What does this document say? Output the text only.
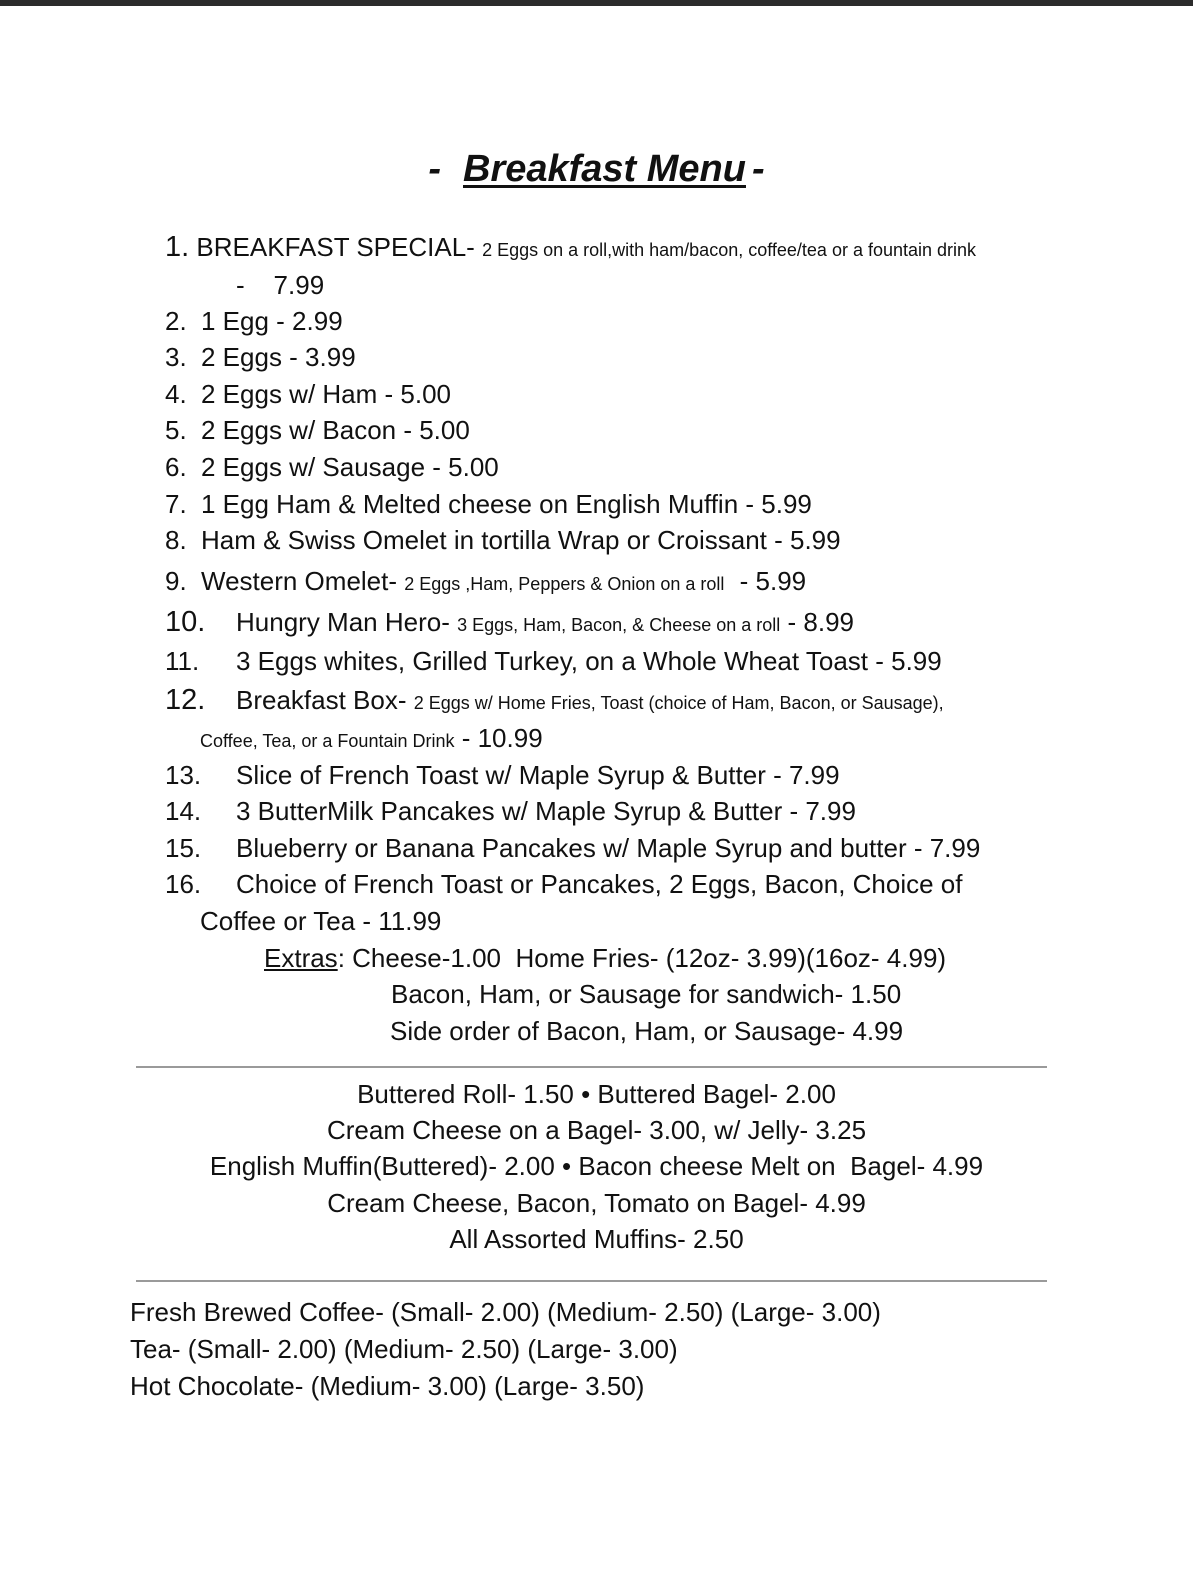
- Breakfast Menu -
1. BREAKFAST SPECIAL- 2 Eggs on a roll,with ham/bacon, coffee/tea or a fountain drink
-    7.99
2. 1 Egg - 2.99
3. 2 Eggs - 3.99
4. 2 Eggs w/ Ham - 5.00
5. 2 Eggs w/ Bacon - 5.00
6. 2 Eggs w/ Sausage - 5.00
7. 1 Egg Ham & Melted cheese on English Muffin - 5.99
8. Ham & Swiss Omelet in tortilla Wrap or Croissant - 5.99
9. Western Omelet- 2 Eggs ,Ham, Peppers & Onion on a roll - 5.99
10. Hungry Man Hero- 3 Eggs, Ham, Bacon, & Cheese on a roll - 8.99
11. 3 Eggs whites, Grilled Turkey, on a Whole Wheat Toast - 5.99
12. Breakfast Box- 2 Eggs w/ Home Fries, Toast (choice of Ham, Bacon, or Sausage),
Coffee, Tea, or a Fountain Drink - 10.99
13. Slice of French Toast w/ Maple Syrup & Butter - 7.99
14. 3 ButterMilk Pancakes w/ Maple Syrup & Butter - 7.99
15. Blueberry or Banana Pancakes w/ Maple Syrup and butter - 7.99
16. Choice of French Toast or Pancakes, 2 Eggs, Bacon, Choice of
Coffee or Tea - 11.99
Extras: Cheese-1.00  Home Fries- (12oz- 3.99)(16oz- 4.99)
Bacon, Ham, or Sausage for sandwich- 1.50
Side order of Bacon, Ham, or Sausage- 4.99
Buttered Roll- 1.50 • Buttered Bagel- 2.00
Cream Cheese on a Bagel- 3.00, w/ Jelly- 3.25
English Muffin(Buttered)- 2.00 • Bacon cheese Melt on  Bagel- 4.99
Cream Cheese, Bacon, Tomato on Bagel- 4.99
All Assorted Muffins- 2.50
Fresh Brewed Coffee- (Small- 2.00) (Medium- 2.50) (Large- 3.00)
Tea- (Small- 2.00) (Medium- 2.50) (Large- 3.00)
Hot Chocolate- (Medium- 3.00) (Large- 3.50)
